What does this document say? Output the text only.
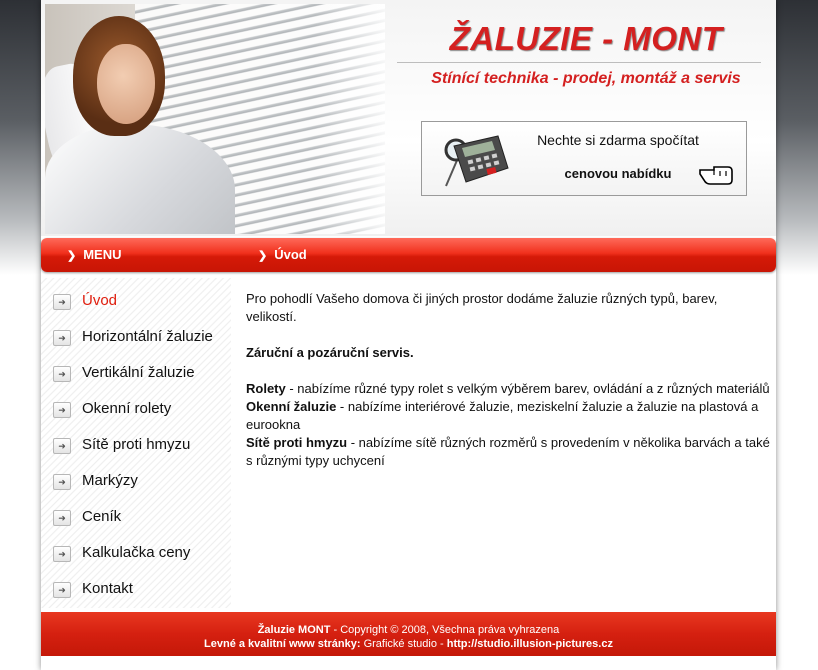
ŽALUZIE - MONT
Stínící technika - prodej, montáž a servis
Nechte si zdarma spočítat
cenovou nabídku
❯ MENU	❯ Úvod
➜	Úvod
➜	Horizontální žaluzie
➜	Vertikální žaluzie
➜	Okenní rolety
➜	Sítě proti hmyzu
➜	Markýzy
➜	Ceník
➜	Kalkulačka ceny
➜	Kontakt

Pro pohodlí Vašeho domova či jiných prostor dodáme žaluzie různých typů, barev, velikostí.

Záruční a pozáruční servis.

Rolety - nabízíme různé typy rolet s velkým výběrem barev, ovládání a z různých materiálů

Okenní žaluzie - nabízíme interiérové žaluzie, meziskelní žaluzie a žaluzie na plastová a eurookna

Sítě proti hmyzu - nabízíme sítě různých rozměrů s provedením v několika barvách a také s různými typy uchycení

Žaluzie MONT - Copyright © 2008, Všechna práva vyhrazena
Levné a kvalitní www stránky: Grafické studio - http://studio.illusion-pictures.cz
